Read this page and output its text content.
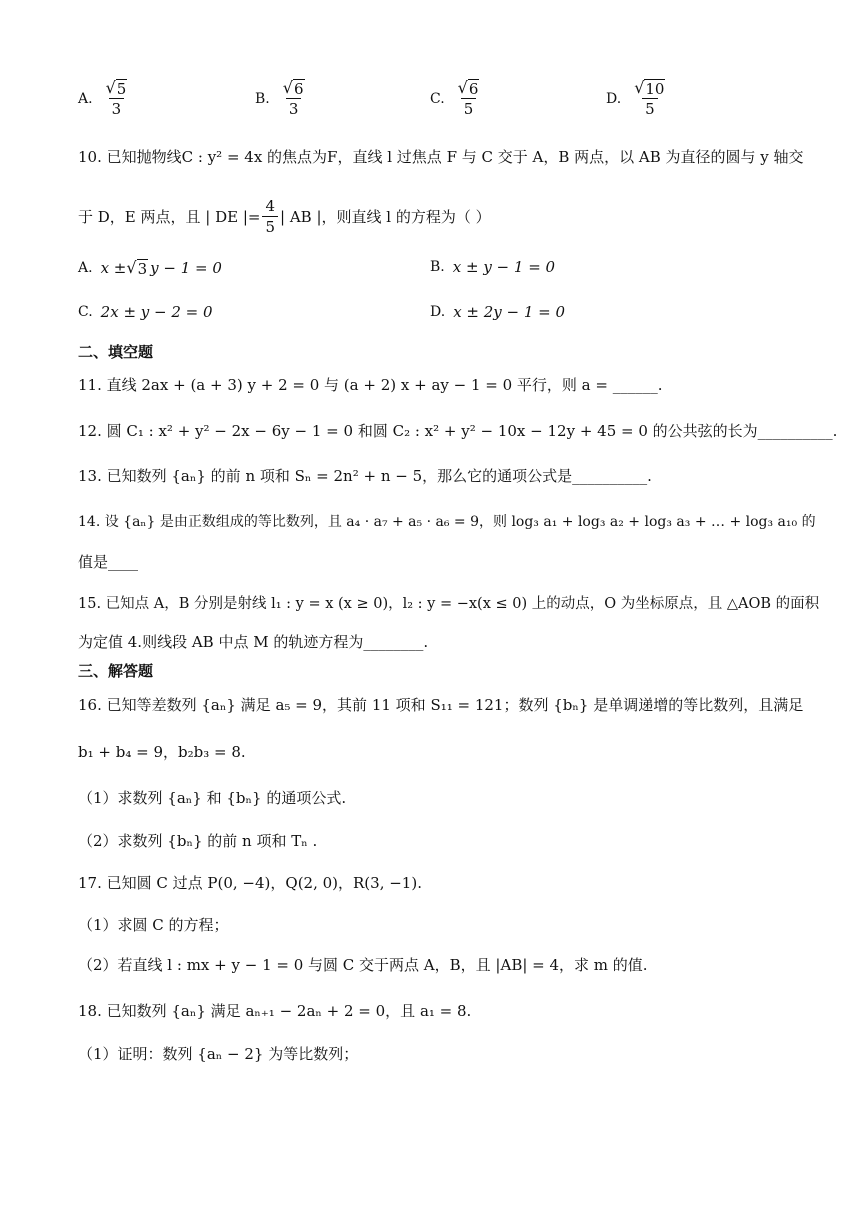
A. $\frac{√ 5}{3}$	B. $\frac{√ 6}{3}$	C. $\frac{√ 6}{5}$	D. $\frac{√ 10}{5}$
10. 已知抛物线C : y² = 4x 的焦点为F，直线 l 过焦点 F 与 C 交于 A，B 两点，以 AB 为直径的圆与 y 轴交
于 D，E 两点，且 | DE |= $\frac{4}{5}$ | AB |，则直线 l 的方程为（ ）
A. x ± √ 3 y − 1 = 0	B. x ± y − 1 = 0
C. 2x ± y − 2 = 0	D. x ± 2y − 1 = 0
二、填空题
11. 直线 2ax + (a + 3) y + 2 = 0 与 (a + 2) x + ay − 1 = 0 平行，则 a = ______.
12. 圆 C₁ : x² + y² − 2x − 6y − 1 = 0 和圆 C₂ : x² + y² − 10x − 12y + 45 = 0 的公共弦的长为__________.
13. 已知数列 {aₙ} 的前 n 项和 Sₙ = 2n² + n − 5，那么它的通项公式是__________.
14. 设 {aₙ} 是由正数组成的等比数列，且 a₄ · a₇ + a₅ · a₆ = 9，则 log₃ a₁ + log₃ a₂ + log₃ a₃ + … + log₃ a₁₀ 的
值是____
15. 已知点 A，B 分别是射线 l₁ : y = x (x ≥ 0)，l₂ : y = −x(x ≤ 0) 上的动点，O 为坐标原点，且 △AOB 的面积
为定值 4.则线段 AB 中点 M 的轨迹方程为________.
三、解答题
16. 已知等差数列 {aₙ} 满足 a₅ = 9，其前 11 项和 S₁₁ = 121；数列 {bₙ} 是单调递增的等比数列，且满足
b₁ + b₄ = 9，b₂b₃ = 8.
（1）求数列 {aₙ} 和 {bₙ} 的通项公式.
（2）求数列 {bₙ} 的前 n 项和 Tₙ .
17. 已知圆 C 过点 P(0, −4)，Q(2, 0)，R(3, −1).
（1）求圆 C 的方程；
（2）若直线 l : mx + y − 1 = 0 与圆 C 交于两点 A，B，且 |AB| = 4，求 m 的值.
18. 已知数列 {aₙ} 满足 aₙ₊₁ − 2aₙ + 2 = 0，且 a₁ = 8.
（1）证明：数列 {aₙ − 2} 为等比数列；
